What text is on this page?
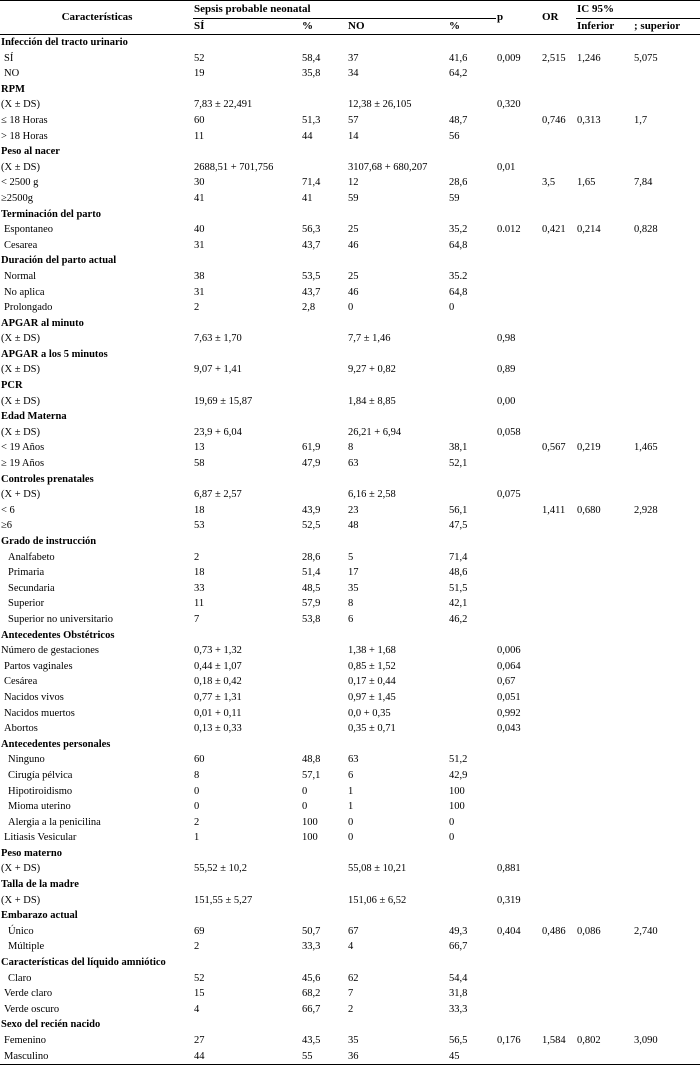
Características	Sepsis probable neonatal				p	OR	IC 95%	
	SÍ	%	NO	%			Inferior	; superior
Infección del tracto urinario								
SÍ	52	58,4	37	41,6	0,009	2,515	1,246	5,075
NO	19	35,8	34	64,2				
RPM								
(X ± DS)	7,83 ± 22,491		12,38 ± 26,105		0,320			
≤ 18 Horas	60	51,3	57	48,7		0,746	0,313	1,7
> 18 Horas	11	44	14	56				
Peso al nacer								
(X ± DS)	2688,51 + 701,756		3107,68 + 680,207		0,01			
< 2500 g	30	71,4	12	28,6		3,5	1,65	7,84
≥2500g	41	41	59	59				
Terminación del parto								
Espontaneo	40	56,3	25	35,2	0.012	0,421	0,214	0,828
Cesarea	31	43,7	46	64,8				
Duración del parto actual								
Normal	38	53,5	25	35.2				
No aplica	31	43,7	46	64,8				
Prolongado	2	2,8	0	0				
APGAR al minuto								
(X ± DS)	7,63 ± 1,70		7,7 ± 1,46		0,98			
APGAR a los 5 minutos								
(X ± DS)	9,07 + 1,41		9,27 + 0,82		0,89			
PCR								
(X ± DS)	19,69 ± 15,87		1,84 ± 8,85		0,00			
Edad Materna								
(X ± DS)	23,9 + 6,04		26,21 + 6,94		0,058			
< 19 Años	13	61,9	8	38,1		0,567	0,219	1,465
≥ 19 Años	58	47,9	63	52,1				
Controles prenatales								
(X + DS)	6,87 ± 2,57		6,16 ± 2,58		0,075			
< 6	18	43,9	23	56,1		1,411	0,680	2,928
≥6	53	52,5	48	47,5				
Grado de instrucción								
Analfabeto	2	28,6	5	71,4				
Primaria	18	51,4	17	48,6				
Secundaria	33	48,5	35	51,5				
Superior	11	57,9	8	42,1				
Superior no universitario	7	53,8	6	46,2				
Antecedentes Obstétricos								
Número de gestaciones	0,73 + 1,32		1,38 + 1,68		0,006			
Partos vaginales	0,44 ± 1,07		0,85 ± 1,52		0,064			
Cesárea	0,18 ± 0,42		0,17 ± 0,44		0,67			
Nacidos vivos	0,77 ± 1,31		0,97 ± 1,45		0,051			
Nacidos muertos	0,01 + 0,11		0,0 + 0,35		0,992			
Abortos	0,13 ± 0,33		0,35 ± 0,71		0,043			
Antecedentes personales								
Ninguno	60	48,8	63	51,2				
Cirugía pélvica	8	57,1	6	42,9				
Hipotiroidismo	0	0	1	100				
Mioma uterino	0	0	1	100				
Alergia a la penicilina	2	100	0	0				
Litiasis Vesicular	1	100	0	0				
Peso materno								
(X + DS)	55,52 ± 10,2		55,08 ± 10,21		0,881			
Talla de la madre								
(X + DS)	151,55 ± 5,27		151,06 ± 6,52		0,319			
Embarazo actual								
Único	69	50,7	67	49,3	0,404	0,486	0,086	2,740
Múltiple	2	33,3	4	66,7				
Características del líquido amniótico								
Claro	52	45,6	62	54,4				
Verde claro	15	68,2	7	31,8				
Verde oscuro	4	66,7	2	33,3				
Sexo del recién nacido								
Femenino	27	43,5	35	56,5	0,176	1,584	0,802	3,090
Masculino	44	55	36	45				
